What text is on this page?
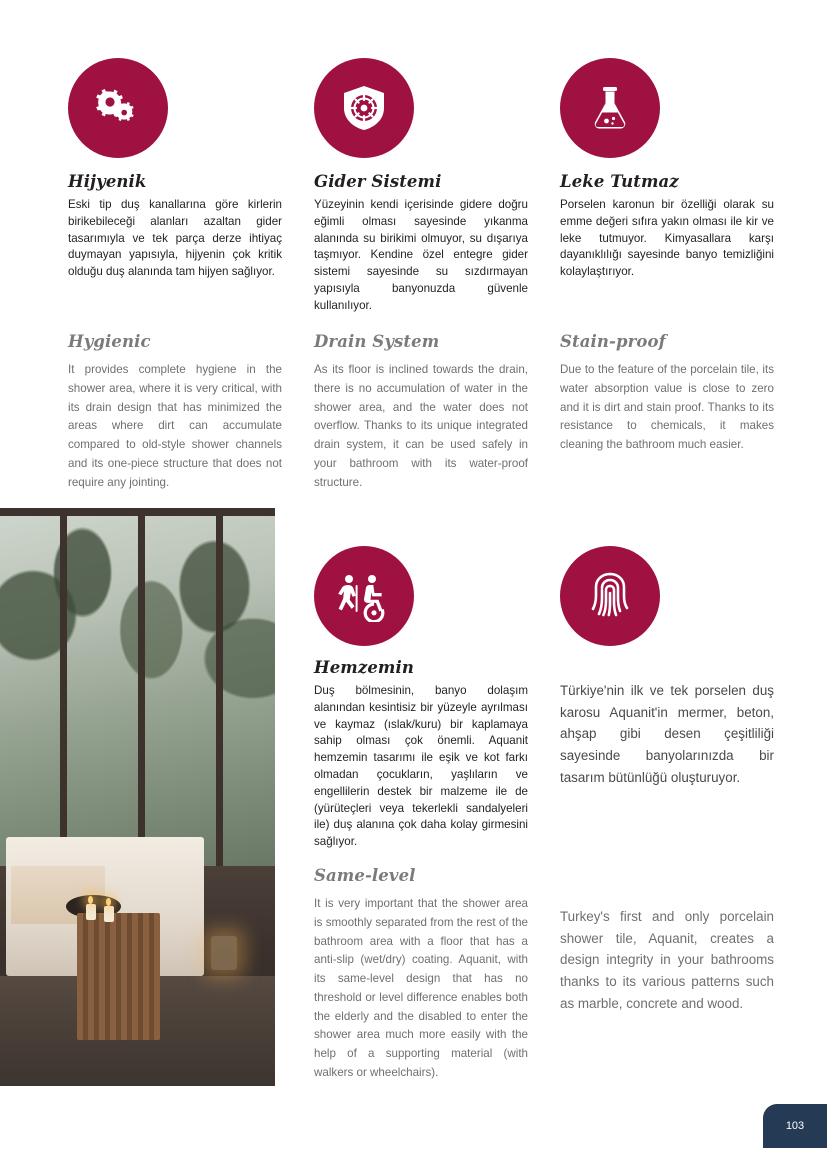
Hijyenik

Eski tip duş kanallarına göre kirlerin birikebileceği alanları azaltan gider tasarımıyla ve tek parça derze ihtiyaç duymayan yapısıyla, hijyenin çok kritik olduğu duş alanında tam hijyen sağlıyor.

Hygienic

It provides complete hygiene in the shower area, where it is very critical, with its drain design that has minimized the areas where dirt can accumulate compared to old-style shower channels and its one-piece structure that does not require any jointing.

Gider Sistemi

Yüzeyinin kendi içerisinde gidere doğru eğimli olması sayesinde yıkanma alanında su birikimi olmuyor, su dışarıya taşmıyor. Kendine özel entegre gider sistemi sayesinde su sızdırmayan yapısıyla banyonuzda güvenle kullanılıyor.

Drain System

As its floor is inclined towards the drain, there is no accumulation of water in the shower area, and the water does not overflow. Thanks to its unique integrated drain system, it can be used safely in your bathroom with its water-proof structure.

Leke Tutmaz

Porselen karonun bir özelliği olarak su emme değeri sıfıra yakın olması ile kir ve leke tutmuyor. Kimyasallara karşı dayanıklılığı sayesinde banyo temizliğini kolaylaştırıyor.

Stain-proof

Due to the feature of the porcelain tile, its water absorption value is close to zero and it is dirt and stain proof. Thanks to its resistance to chemicals, it makes cleaning the bathroom much easier.

Hemzemin

Duş bölmesinin, banyo dolaşım alanından kesintisiz bir yüzeyle ayrılması ve kaymaz (ıslak/kuru) bir kaplamaya sahip olması çok önemli. Aquanit hemzemin tasarımı ile eşik ve kot farkı olmadan çocukların, yaşlıların ve engellilerin destek bir malzeme ile de (yürüteçleri veya tekerlekli sandalyeleri ile) duş alanına çok daha kolay girmesini sağlıyor.

Same-level

It is very important that the shower area is smoothly separated from the rest of the bathroom area with a floor that has a anti-slip (wet/dry) coating. Aquanit, with its same-level design that has no threshold or level difference enables both the elderly and the disabled to enter the shower area much more easily with the help of a supporting material (with walkers or wheelchairs).

Türkiye'nin ilk ve tek porselen duş karosu Aquanit'in mermer, beton, ahşap gibi desen çeşitliliği sayesinde banyolarınızda bir tasarım bütünlüğü oluşturuyor.

Turkey's first and only porcelain shower tile, Aquanit, creates a design integrity in your bathrooms thanks to its various patterns such as marble, concrete and wood.

103
